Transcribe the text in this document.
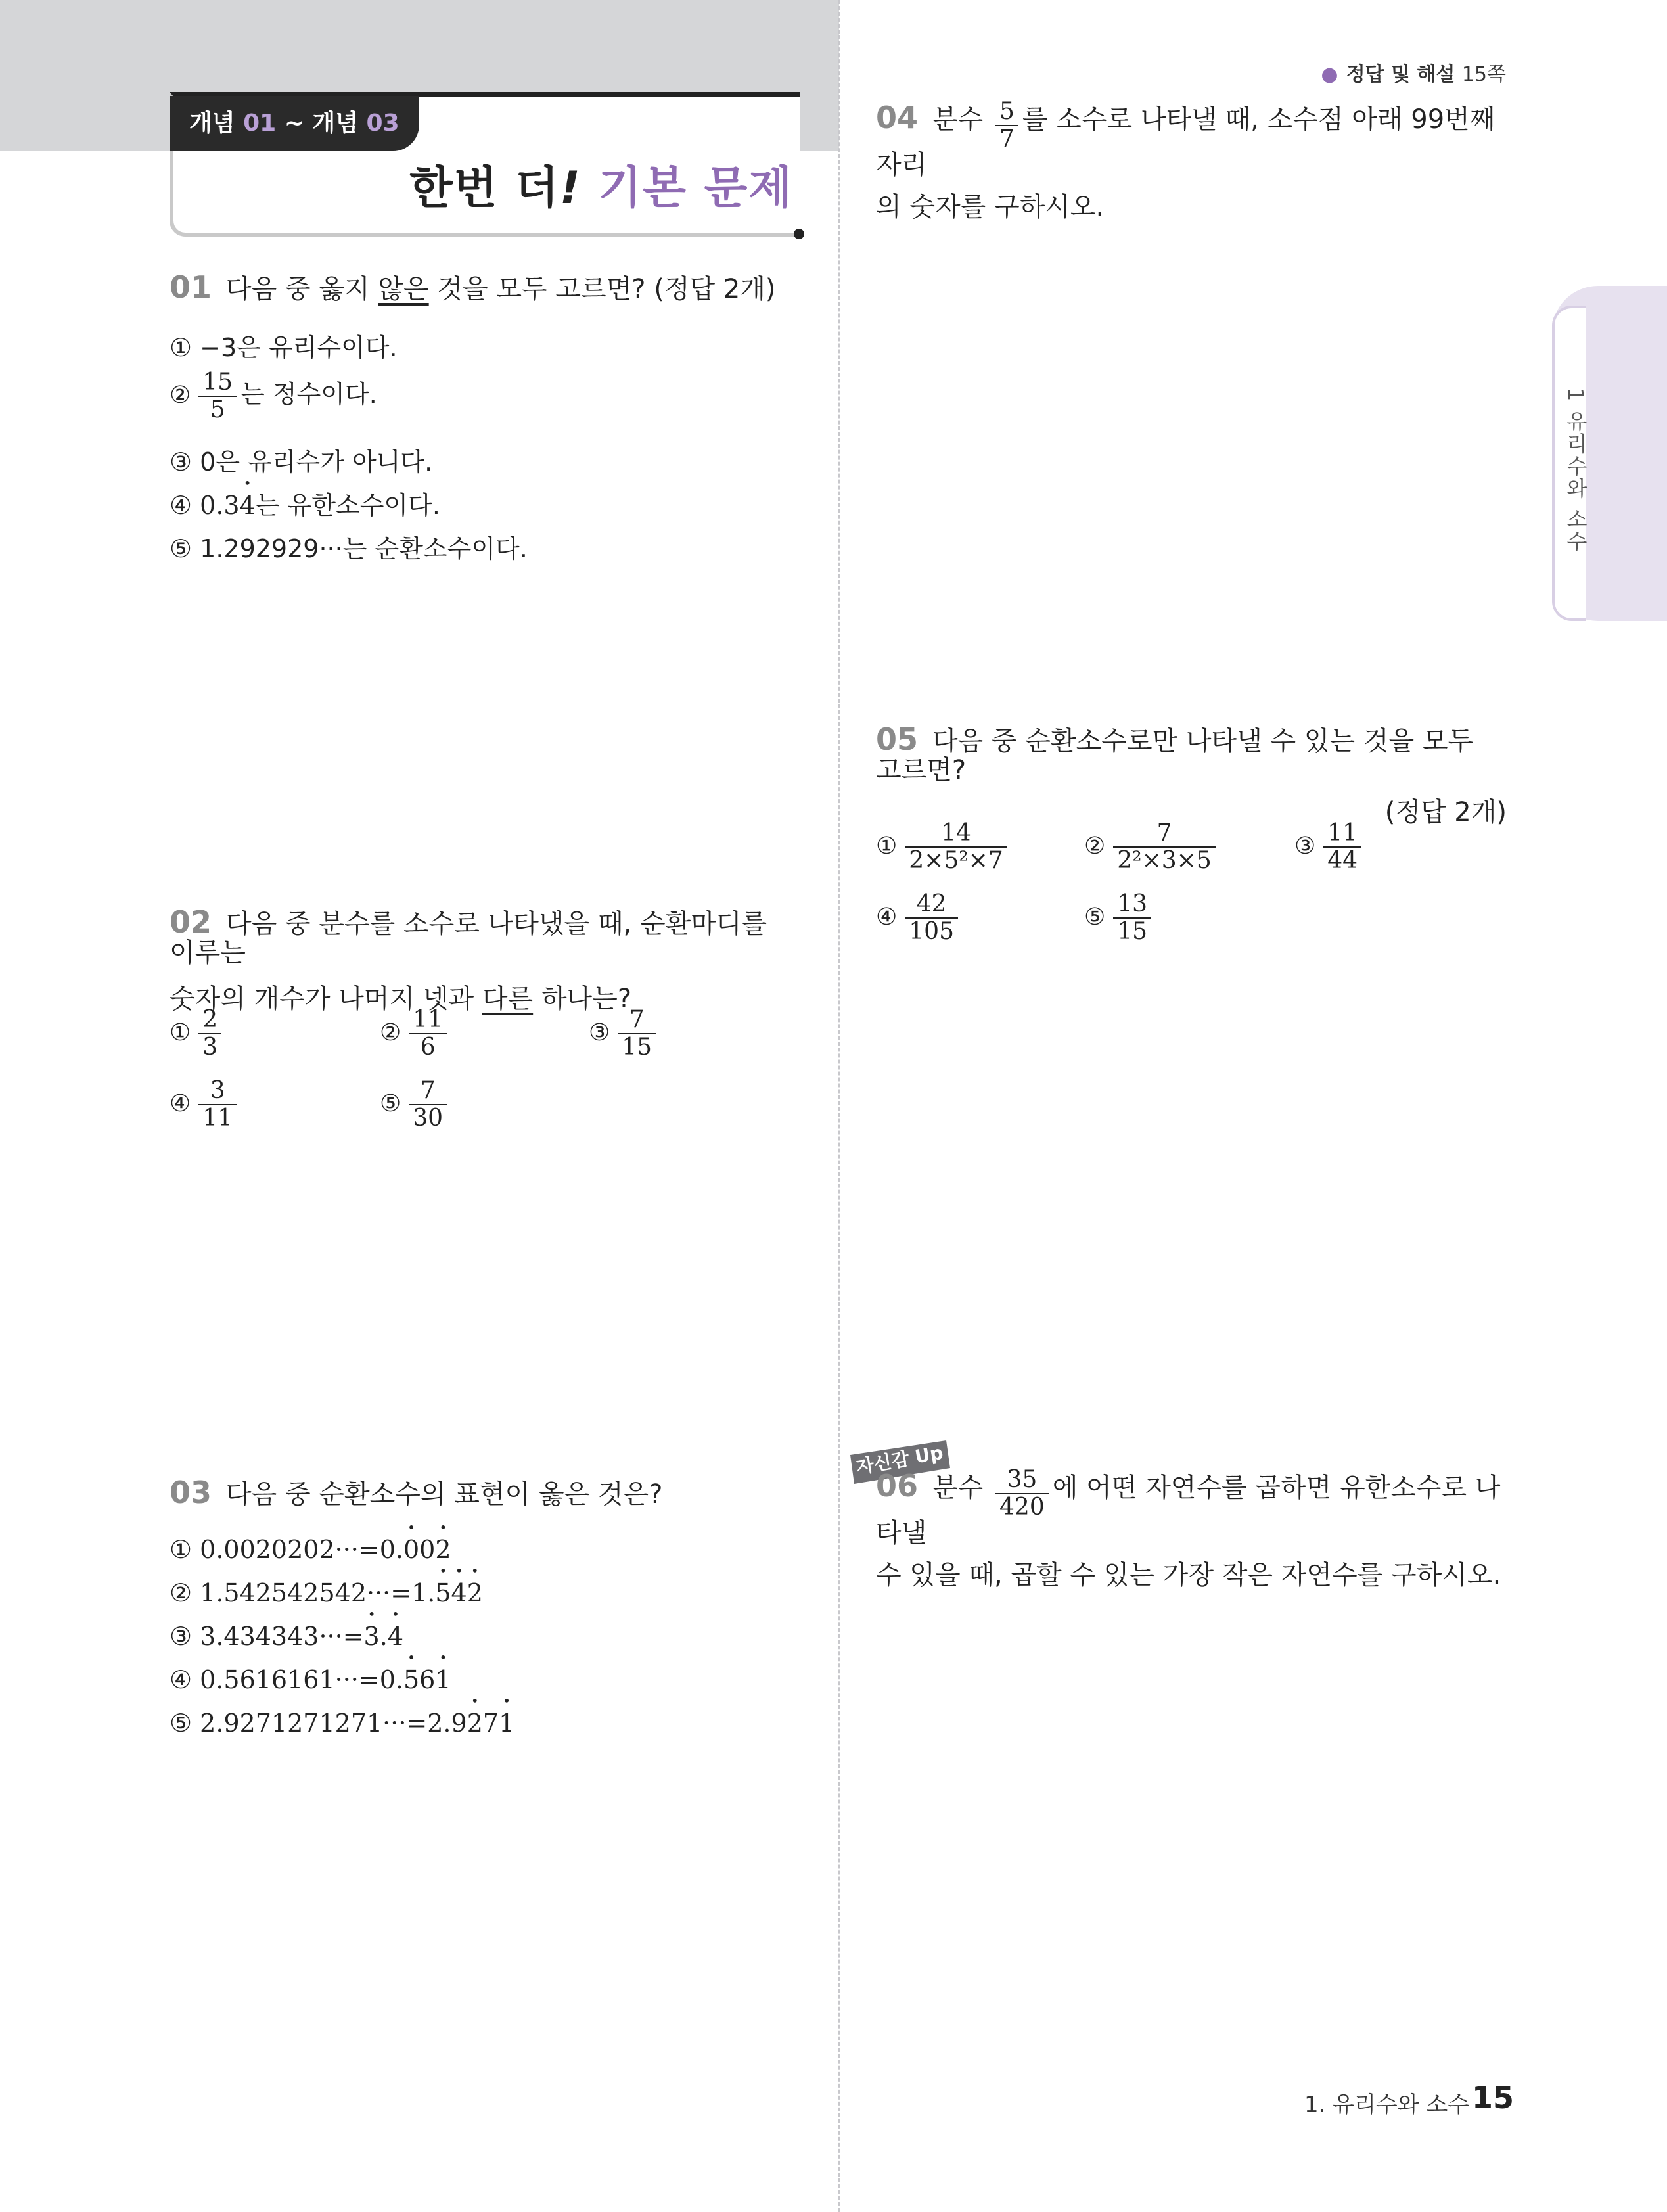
개념 01 ~ 개념 03
한번 더! 기본 문제
● 정답 및 해설 15쪽
1 유리수와 소수
01 다음 중 옳지 않은 것을 모두 고르면? (정답 2개)
① −3은 유리수이다.
② $\frac{15}{5}$ 는 정수이다.
③ 0은 유리수가 아니다.
④ 0.3• 4는 유한소수이다.
⑤ 1.292929···는 순환소수이다.
02 다음 중 분수를 소수로 나타냈을 때, 순환마디를 이루는
숫자의 개수가 나머지 넷과 다른 하나는?
① $\frac{2}{3}$	② $\frac{11}{6}$	③ $\frac{7}{15}$
④ $\frac{3}{11}$	⑤ $\frac{7}{30}$
03 다음 중 순환소수의 표현이 옳은 것은?
① 0.0020202···=0.• 00• 2
② 1.542542542···=1.• 5• 4• 2
③ 3.434343···=• 3.• 4
④ 0.5616161···=0.• 56• 1
⑤ 2.9271271271···=2.9• 27• 1
04 분수 $\frac{5}{7}$ 를 소수로 나타낼 때, 소수점 아래 99번째 자리
의 숫자를 구하시오.
05 다음 중 순환소수로만 나타낼 수 있는 것을 모두 고르면?
(정답 2개)
① $\frac{14}{\text{2×5²×7}}$	② $\frac{7}{\text{2²×3×5}}$	③ $\frac{11}{44}$
④ $\frac{42}{105}$	⑤ $\frac{13}{15}$
자신감 Up
06 분수 $\frac{35}{420}$ 에 어떤 자연수를 곱하면 유한소수로 나타낼
수 있을 때, 곱할 수 있는 가장 작은 자연수를 구하시오.
1. 유리수와 소수 15
